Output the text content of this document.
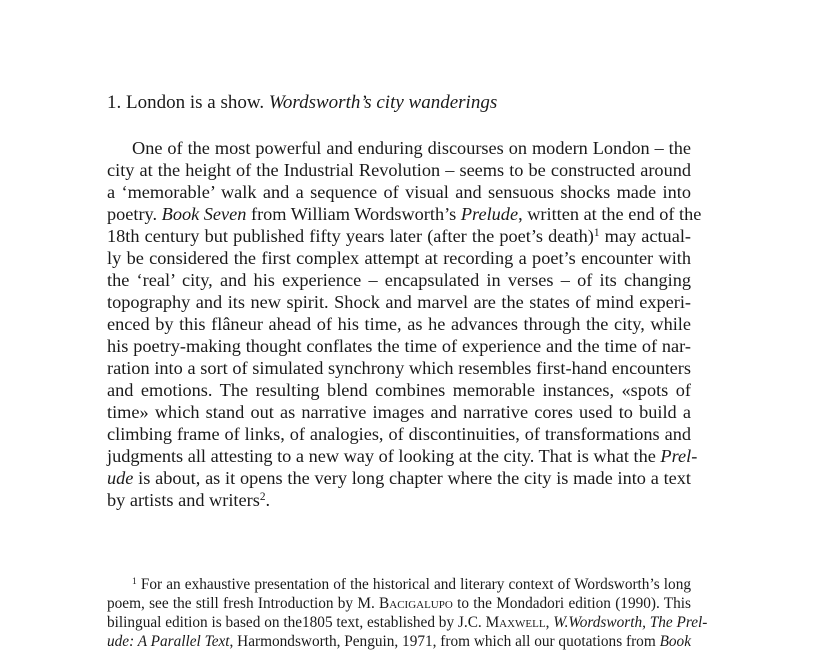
1. London is a show. Wordsworth’s city wanderings
One of the most powerful and enduring discourses on modern London – the
city at the height of the Industrial Revolution – seems to be constructed around
a ‘memorable’ walk and a sequence of visual and sensuous shocks made into
poetry. Book Seven from William Wordsworth’s Prelude, written at the end of the
18th century but published fifty years later (after the poet’s death)$^1$ may actual-
ly be considered the first complex attempt at recording a poet’s encounter with
the ‘real’ city, and his experience – encapsulated in verses – of its changing
topography and its new spirit. Shock and marvel are the states of mind experi-
enced by this flâneur ahead of his time, as he advances through the city, while
his poetry-making thought conflates the time of experience and the time of nar-
ration into a sort of simulated synchrony which resembles first-hand encounters
and emotions. The resulting blend combines memorable instances, «spots of
time» which stand out as narrative images and narrative cores used to build a
climbing frame of links, of analogies, of discontinuities, of transformations and
judgments all attesting to a new way of looking at the city. That is what the Prel-
ude is about, as it opens the very long chapter where the city is made into a text
by artists and writers$^2$.
$^1$ For an exhaustive presentation of the historical and literary context of Wordsworth’s long
poem, see the still fresh Introduction by M. Bacigalupo to the Mondadori edition (1990). This
bilingual edition is based on the1805 text, established by J.C. Maxwell, W.Wordsworth, The Prel-
ude: A Parallel Text, Harmondsworth, Penguin, 1971, from which all our quotations from Book
